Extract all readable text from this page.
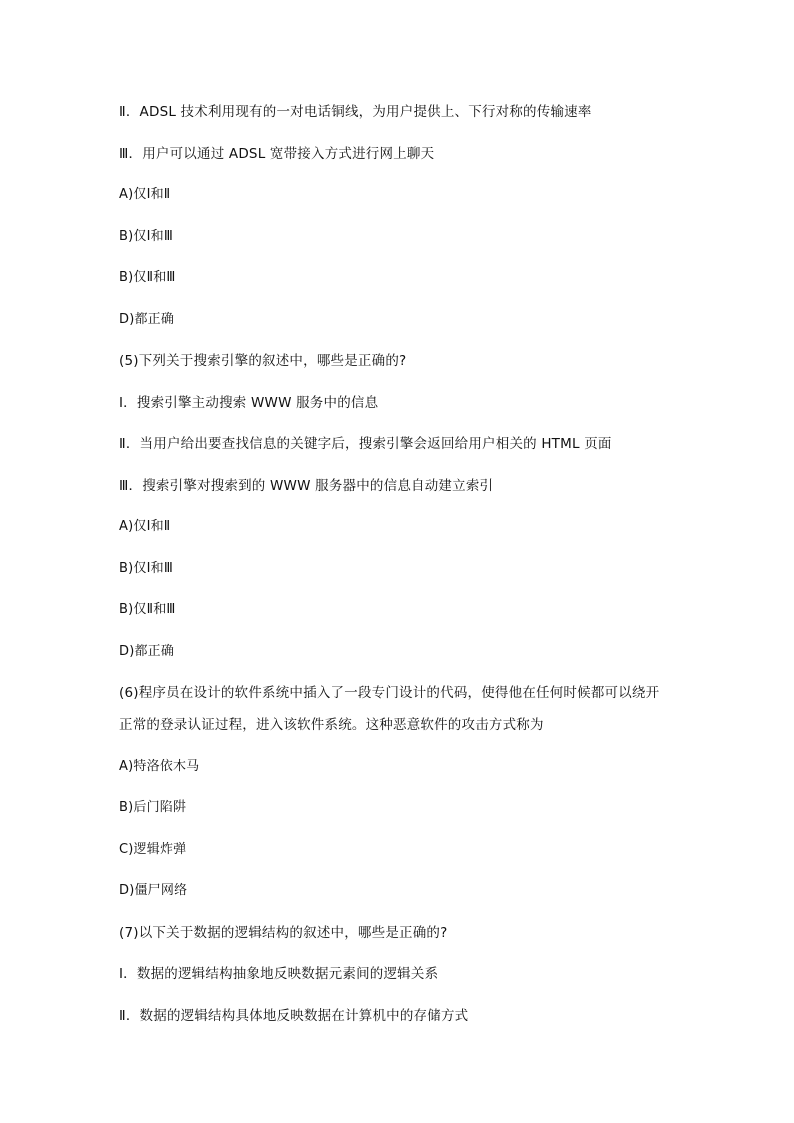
Ⅱ．ADSL 技术利用现有的一对电话铜线，为用户提供上、下行对称的传输速率
Ⅲ．用户可以通过 ADSL 宽带接入方式进行网上聊天
A)仅Ⅰ和Ⅱ
B)仅Ⅰ和Ⅲ
B)仅Ⅱ和Ⅲ
D)都正确
(5)下列关于搜索引擎的叙述中，哪些是正确的?
Ⅰ．搜索引擎主动搜索 WWW 服务中的信息
Ⅱ．当用户给出要查找信息的关键字后，搜索引擎会返回给用户相关的 HTML 页面
Ⅲ．搜索引擎对搜索到的 WWW 服务器中的信息自动建立索引
A)仅Ⅰ和Ⅱ
B)仅Ⅰ和Ⅲ
B)仅Ⅱ和Ⅲ
D)都正确
(6)程序员在设计的软件系统中插入了一段专门设计的代码，使得他在任何时候都可以绕开
正常的登录认证过程，进入该软件系统。这种恶意软件的攻击方式称为
A)特洛依木马
B)后门陷阱
C)逻辑炸弹
D)僵尸网络
(7)以下关于数据的逻辑结构的叙述中，哪些是正确的?
Ⅰ．数据的逻辑结构抽象地反映数据元素间的逻辑关系
Ⅱ．数据的逻辑结构具体地反映数据在计算机中的存储方式
